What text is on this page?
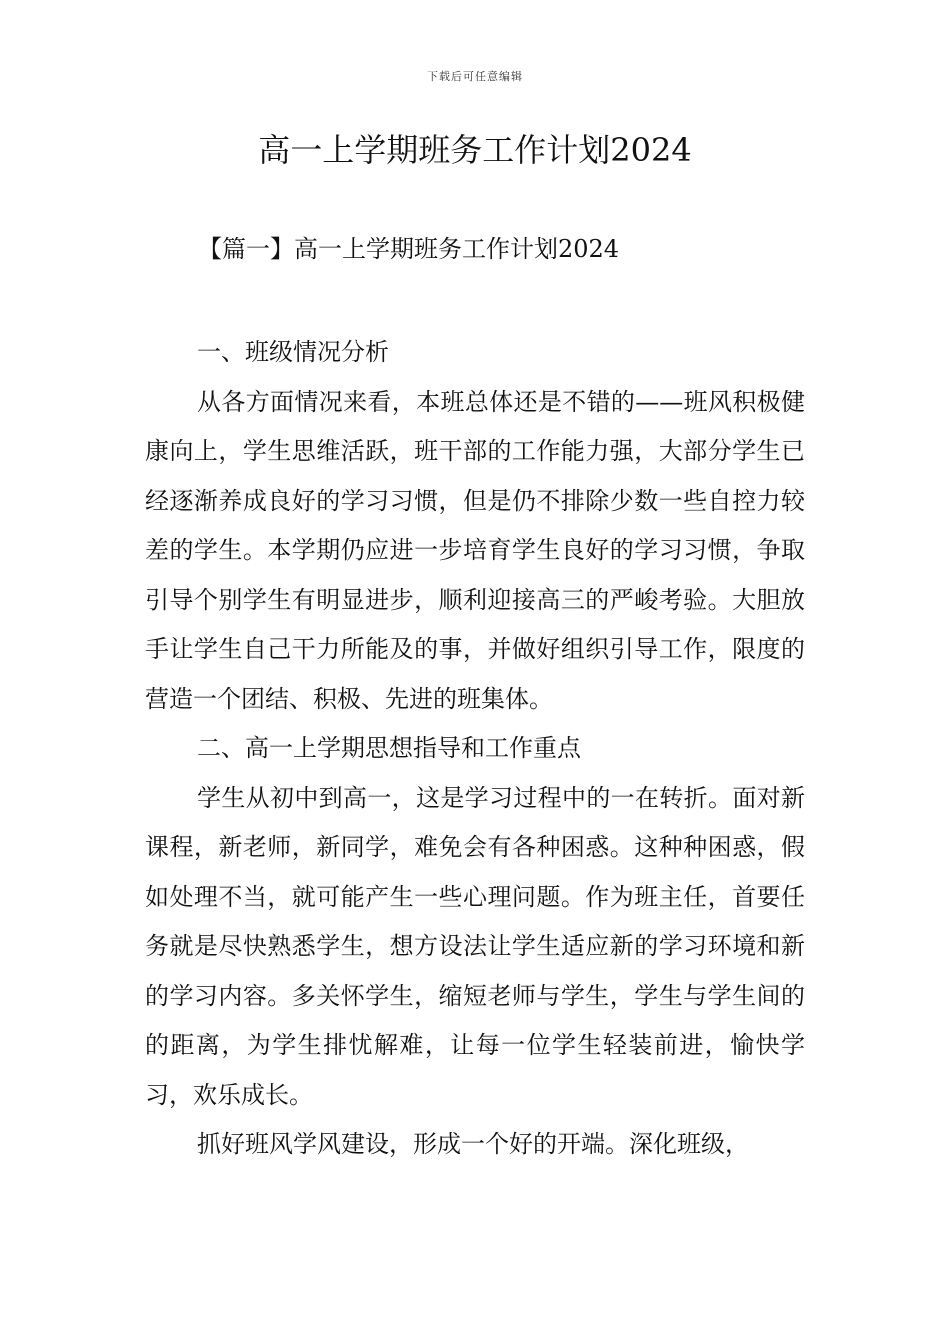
下载后可任意编辑
高一上学期班务工作计划2024
【篇一】高一上学期班务工作计划2024

一、班级情况分析

从各方面情况来看，本班总体还是不错的——班风积极健康向上，学生思维活跃，班干部的工作能力强，大部分学生已经逐渐养成良好的学习习惯，但是仍不排除少数一些自控力较差的学生。本学期仍应进一步培育学生良好的学习习惯，争取引导个别学生有明显进步，顺利迎接高三的严峻考验。大胆放手让学生自己干力所能及的事，并做好组织引导工作，限度的营造一个团结、积极、先进的班集体。

二、高一上学期思想指导和工作重点

学生从初中到高一，这是学习过程中的一在转折。面对新课程，新老师，新同学，难免会有各种困惑。这种种困惑，假如处理不当，就可能产生一些心理问题。作为班主任，首要任务就是尽快熟悉学生，想方设法让学生适应新的学习环境和新的学习内容。多关怀学生，缩短老师与学生，学生与学生间的的距离，为学生排忧解难，让每一位学生轻装前进，愉快学习，欢乐成长。

抓好班风学风建设，形成一个好的开端。深化班级，
